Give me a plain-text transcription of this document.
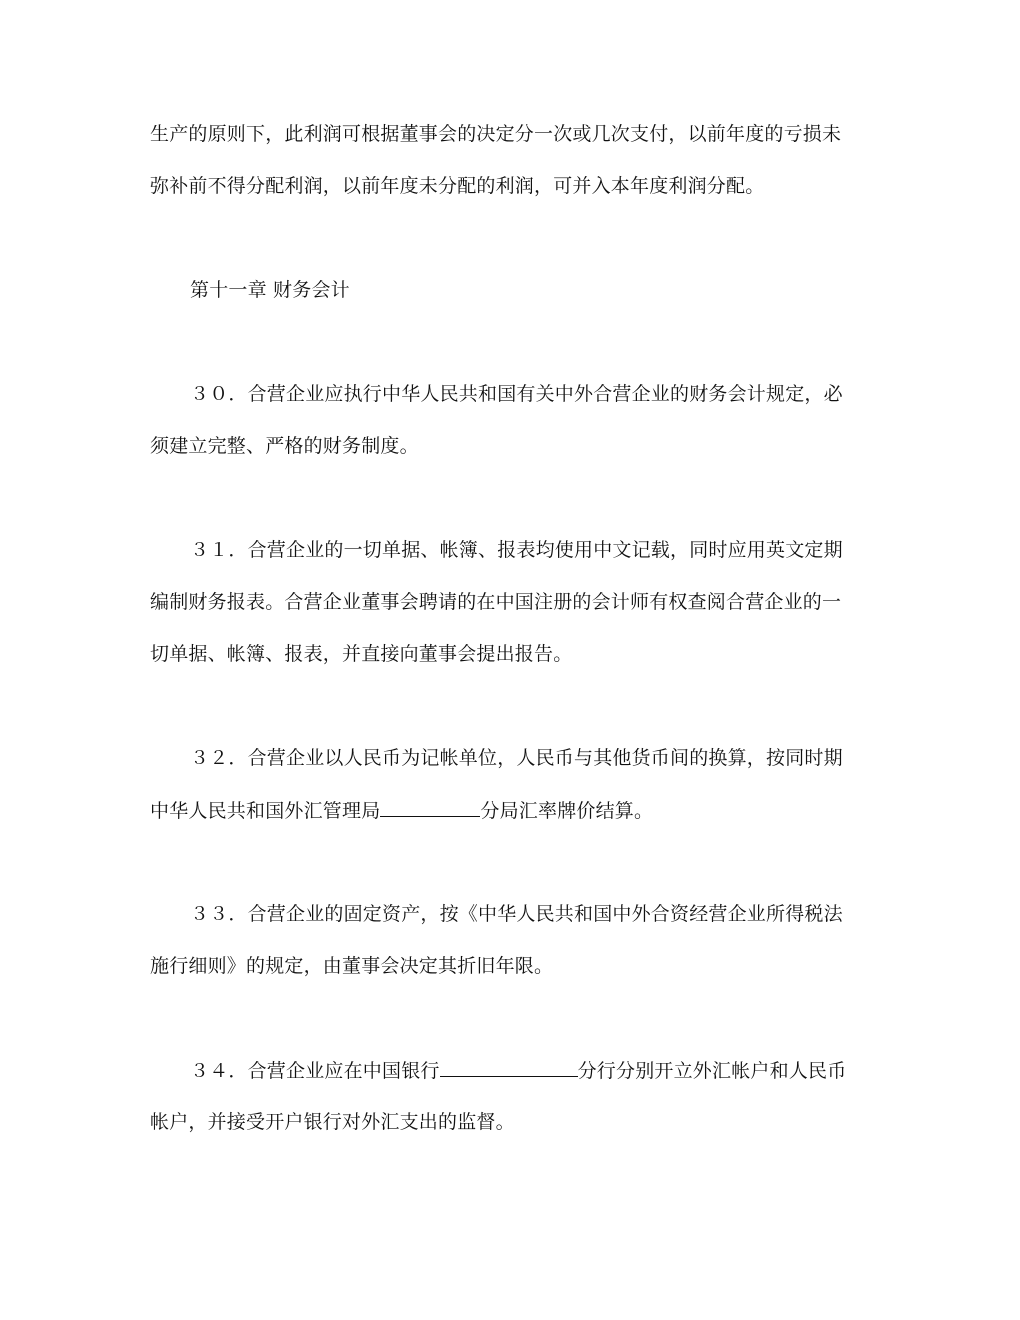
生产的原则下，此利润可根据董事会的决定分一次或几次支付，以前年度的亏损未
弥补前不得分配利润，以前年度未分配的利润，可并入本年度利润分配。
第十一章 财务会计
３０．合营企业应执行中华人民共和国有关中外合营企业的财务会计规定，必
须建立完整、严格的财务制度。
３１．合营企业的一切单据、帐簿、报表均使用中文记载，同时应用英文定期
编制财务报表。合营企业董事会聘请的在中国注册的会计师有权查阅合营企业的一
切单据、帐簿、报表，并直接向董事会提出报告。
３２．合营企业以人民币为记帐单位，人民币与其他货币间的换算，按同时期
中华人民共和国外汇管理局	分局汇率牌价结算。
３３．合营企业的固定资产，按《中华人民共和国中外合资经营企业所得税法
施行细则》的规定，由董事会决定其折旧年限。
３４．合营企业应在中国银行	分行分别开立外汇帐户和人民币
帐户，并接受开户银行对外汇支出的监督。
